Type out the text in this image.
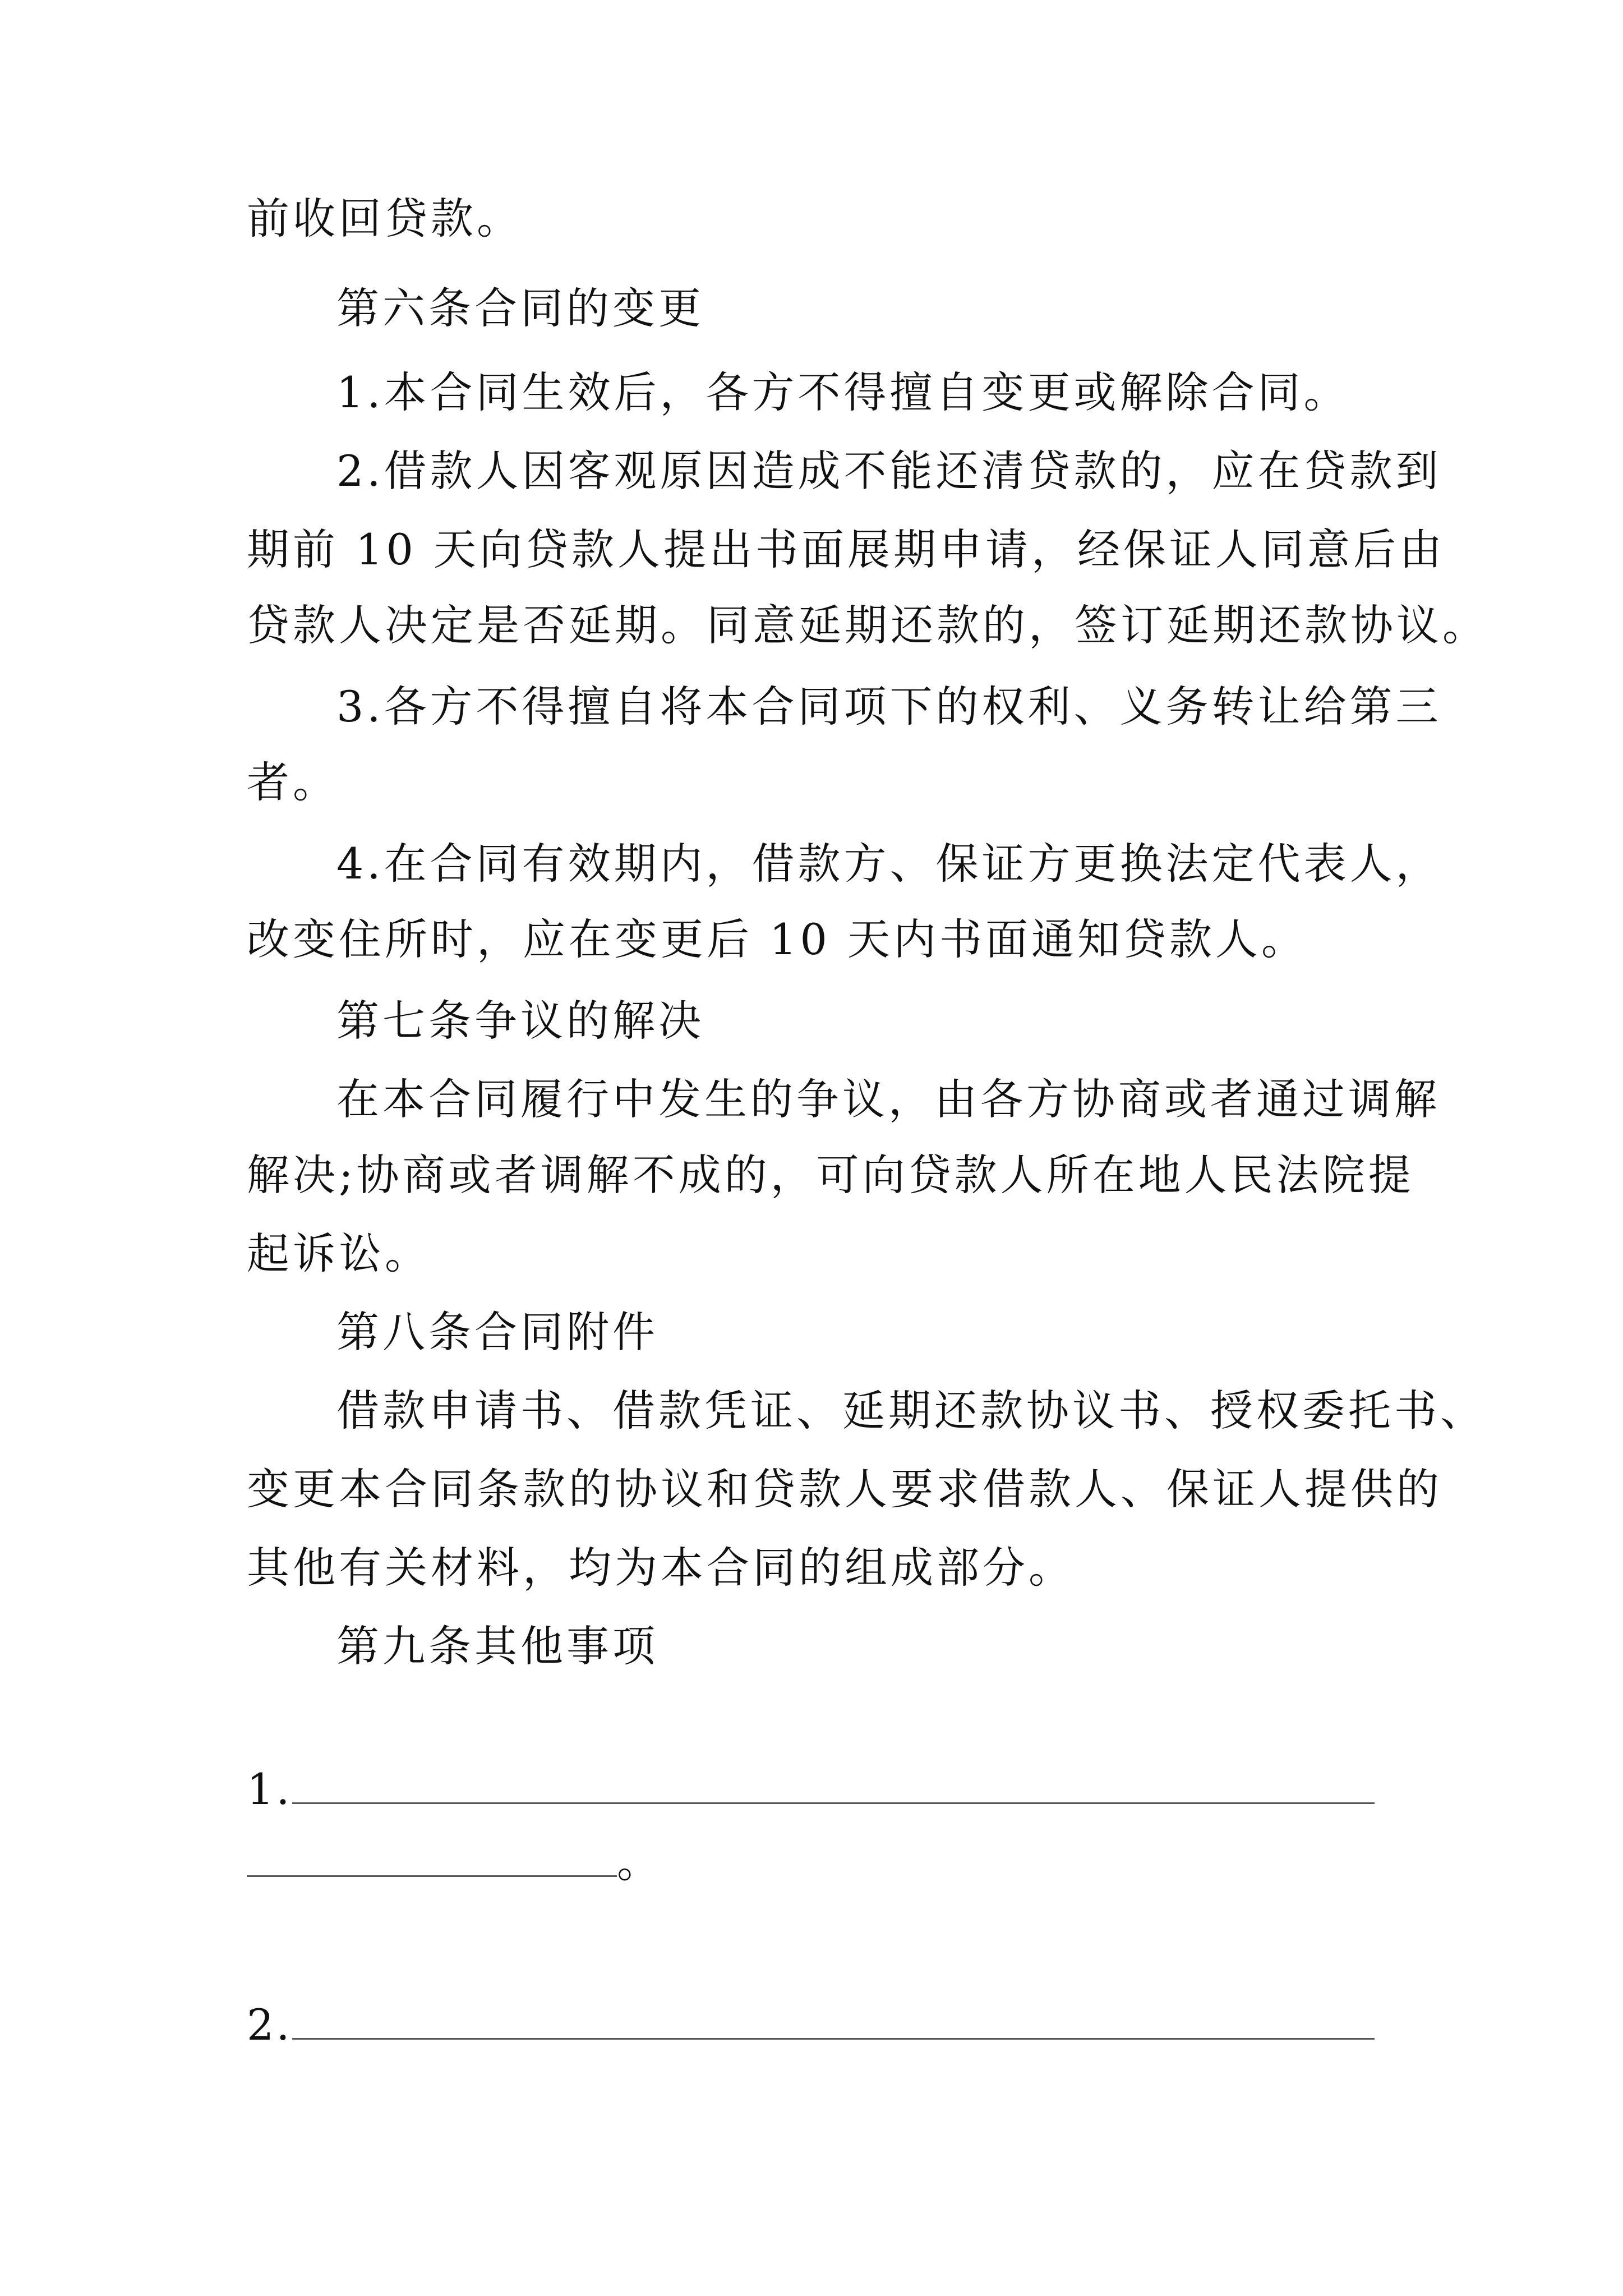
前收回贷款。
第六条合同的变更
1.本合同生效后，各方不得擅自变更或解除合同。
2.借款人因客观原因造成不能还清贷款的，应在贷款到
期前 10 天向贷款人提出书面展期申请，经保证人同意后由
贷款人决定是否延期。同意延期还款的，签订延期还款协议。
3.各方不得擅自将本合同项下的权利、义务转让给第三
者。
4.在合同有效期内，借款方、保证方更换法定代表人，
改变住所时，应在变更后 10 天内书面通知贷款人。
第七条争议的解决
在本合同履行中发生的争议，由各方协商或者通过调解
解决;协商或者调解不成的，可向贷款人所在地人民法院提
起诉讼。
第八条合同附件
借款申请书、借款凭证、延期还款协议书、授权委托书、
变更本合同条款的协议和贷款人要求借款人、保证人提供的
其他有关材料，均为本合同的组成部分。
第九条其他事项
1.
。
2.
